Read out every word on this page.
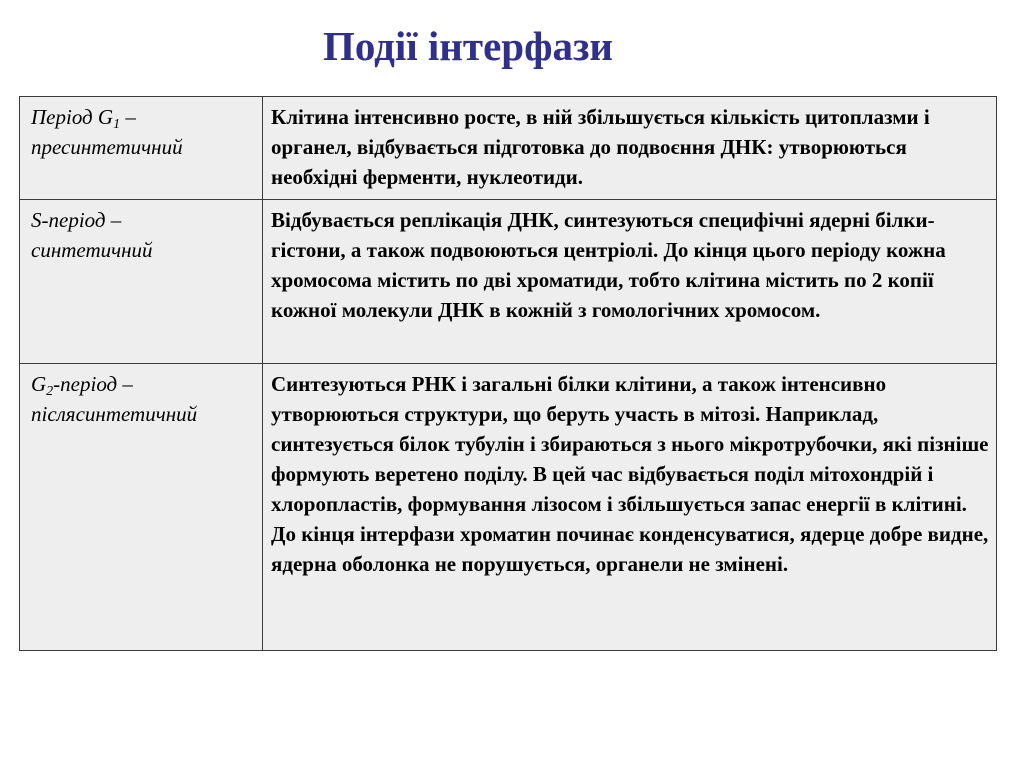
Події інтерфази
Період $G_1$ –
пресинтетичний	Клітина інтенсивно росте, в ній збільшується кількість цитоплазми і органел, відбувається підготовка до подвоєння ДНК: утворюються необхідні ферменти, нуклеотиди.
S-період –
синтетичний	Відбувається реплікація ДНК, синтезуються специфічні ядерні білки-гістони, а також подвоюються центріолі. До кінця цього періоду кожна хромосома містить по дві хроматиди, тобто клітина містить по 2 копії кожної молекули ДНК в кожній з гомологічних хромосом.
$G_2$-період –
післясинтетичний	Синтезуються РНК і загальні білки клітини, а також інтенсивно утворюються структури, що беруть участь в мітозі. Наприклад, синтезується білок тубулін і збираються з нього мікротрубочки, які пізніше формують веретено поділу. В цей час відбувається поділ мітохондрій і хлоропластів, формування лізосом і збільшується запас енергії в клітині. До кінця інтерфази хроматин починає конденсуватися, ядерце добре видне, ядерна оболонка не порушується, органели не змінені.
